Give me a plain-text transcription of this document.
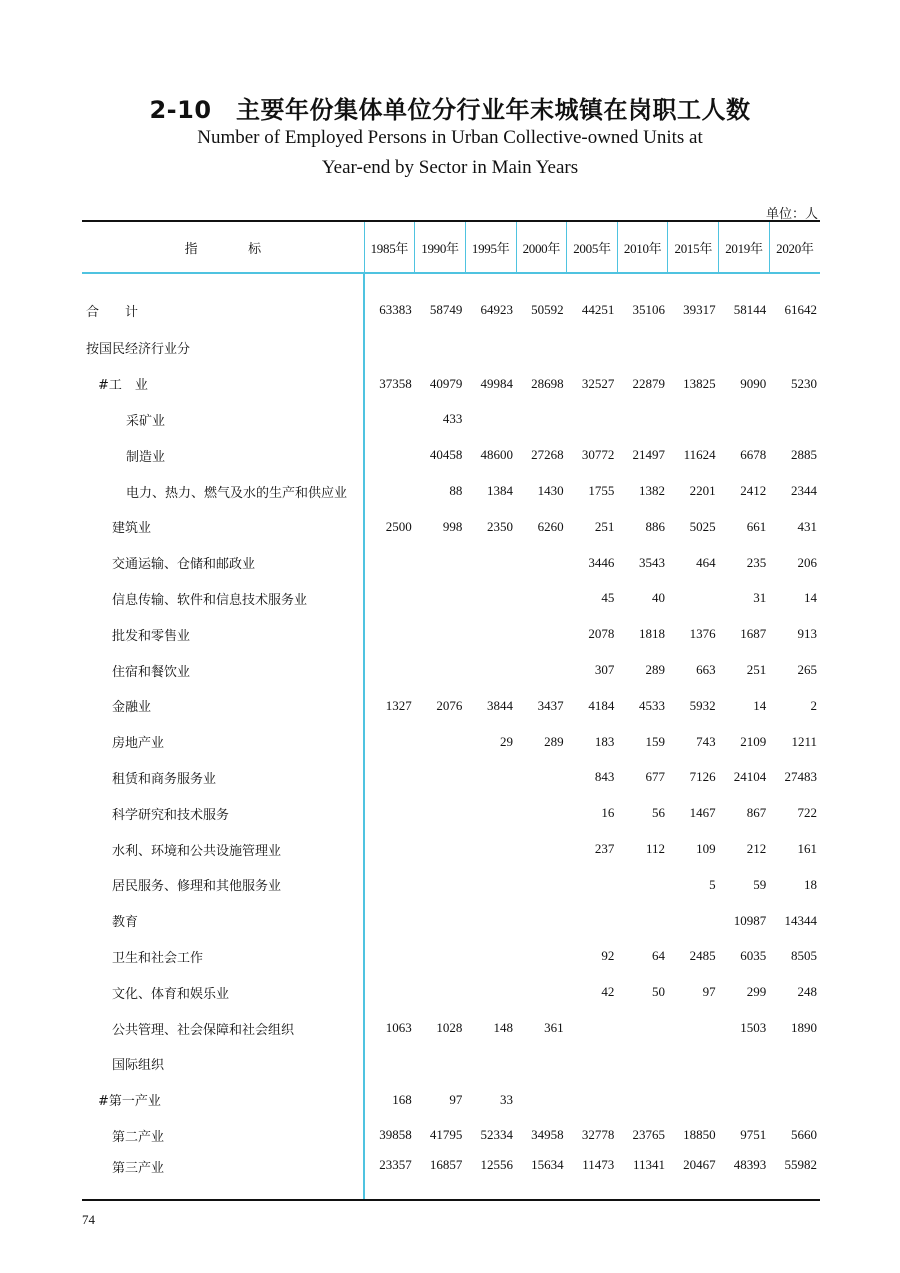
2-10　主要年份集体单位分行业年末城镇在岗职工人数
Number of Employed Persons in Urban Collective-owned Units at
Year-end by Sector in Main Years
单位：人
指　　　　标	1985年	1990年	1995年	2000年	2005年	2010年	2015年	2019年	2020年
合　　计	63383	58749	64923	50592	44251	35106	39317	58144	61642
按国民经济行业分									
#工　业	37358	40979	49984	28698	32527	22879	13825	9090	5230
采矿业		433							
制造业		40458	48600	27268	30772	21497	11624	6678	2885
电力、热力、燃气及水的生产和供应业		88	1384	1430	1755	1382	2201	2412	2344
建筑业	2500	998	2350	6260	251	886	5025	661	431
交通运输、仓储和邮政业					3446	3543	464	235	206
信息传输、软件和信息技术服务业					45	40		31	14
批发和零售业					2078	1818	1376	1687	913
住宿和餐饮业					307	289	663	251	265
金融业	1327	2076	3844	3437	4184	4533	5932	14	2
房地产业			29	289	183	159	743	2109	1211
租赁和商务服务业					843	677	7126	24104	27483
科学研究和技术服务					16	56	1467	867	722
水利、环境和公共设施管理业					237	112	109	212	161
居民服务、修理和其他服务业							5	59	18
教育								10987	14344
卫生和社会工作					92	64	2485	6035	8505
文化、体育和娱乐业					42	50	97	299	248
公共管理、社会保障和社会组织	1063	1028	148	361				1503	1890
国际组织									
#第一产业	168	97	33						
第二产业	39858	41795	52334	34958	32778	23765	18850	9751	5660
第三产业	23357	16857	12556	15634	11473	11341	20467	48393	55982
74
